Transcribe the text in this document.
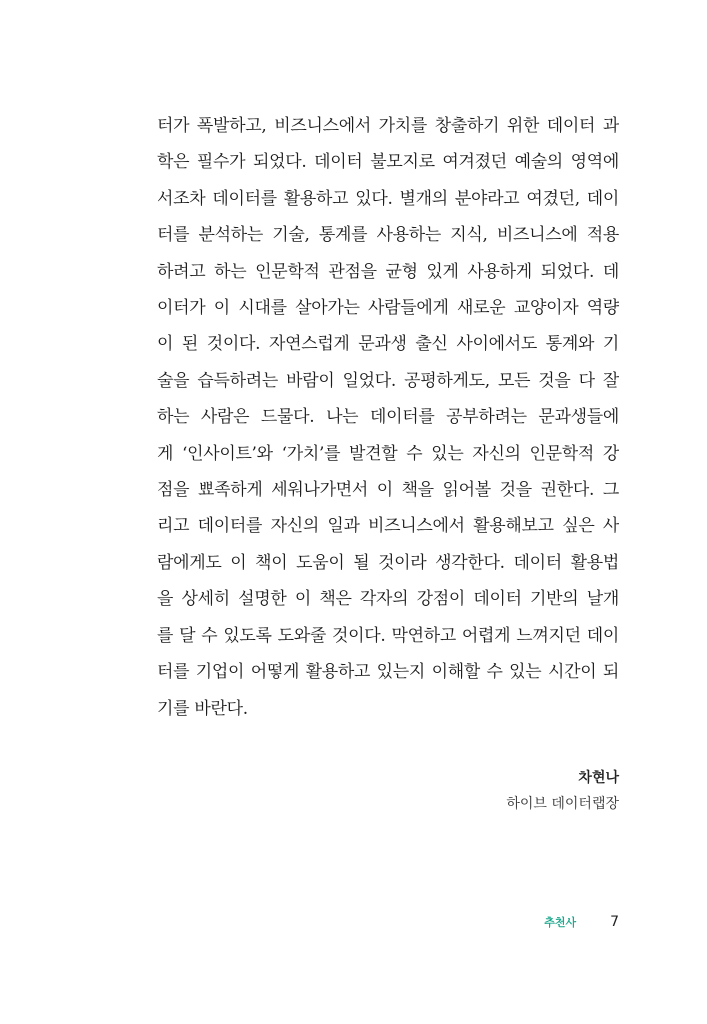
터가 폭발하고, 비즈니스에서 가치를 창출하기 위한 데이터 과
학은 필수가 되었다. 데이터 불모지로 여겨졌던 예술의 영역에
서조차 데이터를 활용하고 있다. 별개의 분야라고 여겼던, 데이
터를 분석하는 기술, 통계를 사용하는 지식, 비즈니스에 적용
하려고 하는 인문학적 관점을 균형 있게 사용하게 되었다. 데
이터가 이 시대를 살아가는 사람들에게 새로운 교양이자 역량
이 된 것이다. 자연스럽게 문과생 출신 사이에서도 통계와 기
술을 습득하려는 바람이 일었다. 공평하게도, 모든 것을 다 잘
하는 사람은 드물다. 나는 데이터를 공부하려는 문과생들에
게 ‘인사이트’와 ‘가치’를 발견할 수 있는 자신의 인문학적 강
점을 뾰족하게 세워나가면서 이 책을 읽어볼 것을 권한다. 그
리고 데이터를 자신의 일과 비즈니스에서 활용해보고 싶은 사
람에게도 이 책이 도움이 될 것이라 생각한다. 데이터 활용법
을 상세히 설명한 이 책은 각자의 강점이 데이터 기반의 날개
를 달 수 있도록 도와줄 것이다. 막연하고 어렵게 느껴지던 데이
터를 기업이 어떻게 활용하고 있는지 이해할 수 있는 시간이 되
기를 바란다.
차현나
하이브 데이터랩장
추천사 7
